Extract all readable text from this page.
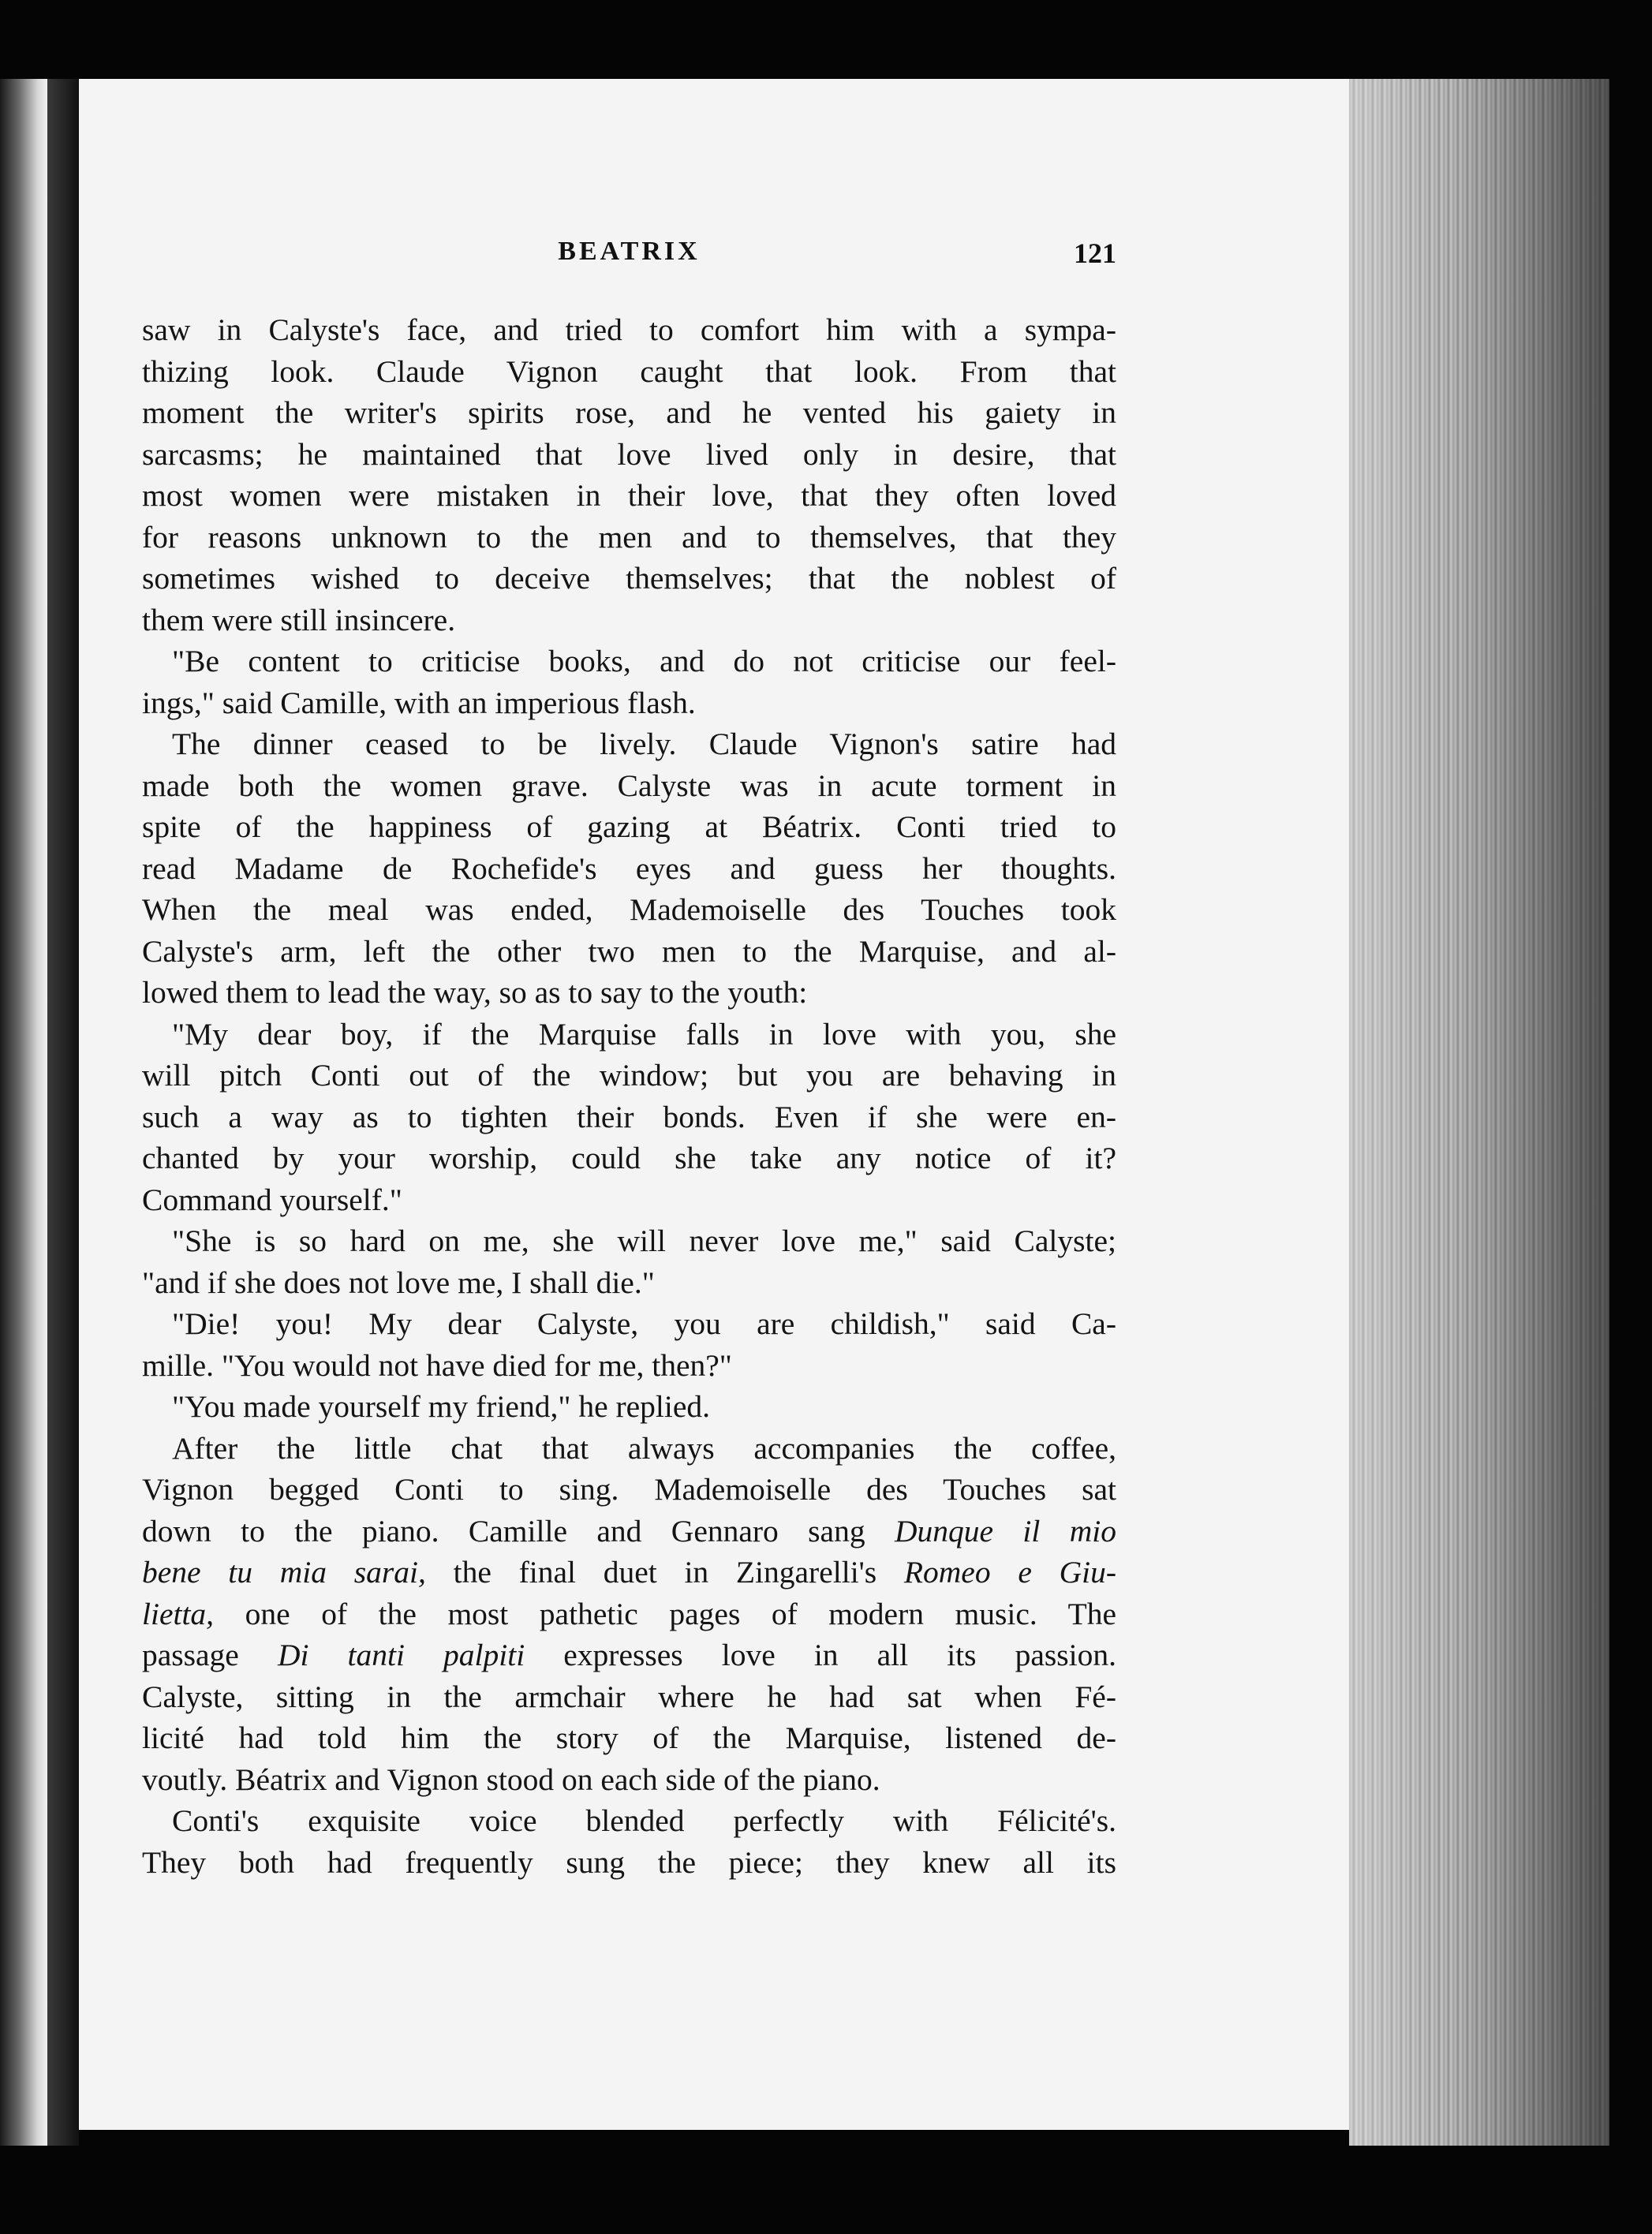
BEATRIX	121
saw in Calyste's face, and tried to comfort him with a sympa-
thizing look. Claude Vignon caught that look. From that
moment the writer's spirits rose, and he vented his gaiety in
sarcasms; he maintained that love lived only in desire, that
most women were mistaken in their love, that they often loved
for reasons unknown to the men and to themselves, that they
sometimes wished to deceive themselves; that the noblest of
them were still insincere.
"Be content to criticise books, and do not criticise our feel-
ings," said Camille, with an imperious flash.
The dinner ceased to be lively. Claude Vignon's satire had
made both the women grave. Calyste was in acute torment in
spite of the happiness of gazing at Béatrix. Conti tried to
read Madame de Rochefide's eyes and guess her thoughts.
When the meal was ended, Mademoiselle des Touches took
Calyste's arm, left the other two men to the Marquise, and al-
lowed them to lead the way, so as to say to the youth:
"My dear boy, if the Marquise falls in love with you, she
will pitch Conti out of the window; but you are behaving in
such a way as to tighten their bonds. Even if she were en-
chanted by your worship, could she take any notice of it?
Command yourself."
"She is so hard on me, she will never love me," said Calyste;
"and if she does not love me, I shall die."
"Die! you! My dear Calyste, you are childish," said Ca-
mille. "You would not have died for me, then?"
"You made yourself my friend," he replied.
After the little chat that always accompanies the coffee,
Vignon begged Conti to sing. Mademoiselle des Touches sat
down to the piano. Camille and Gennaro sang Dunque il mio
bene tu mia sarai, the final duet in Zingarelli's Romeo e Giu-
lietta, one of the most pathetic pages of modern music. The
passage Di tanti palpiti expresses love in all its passion.
Calyste, sitting in the armchair where he had sat when Fé-
licité had told him the story of the Marquise, listened de-
voutly. Béatrix and Vignon stood on each side of the piano.
Conti's exquisite voice blended perfectly with Félicité's.
They both had frequently sung the piece; they knew all its
